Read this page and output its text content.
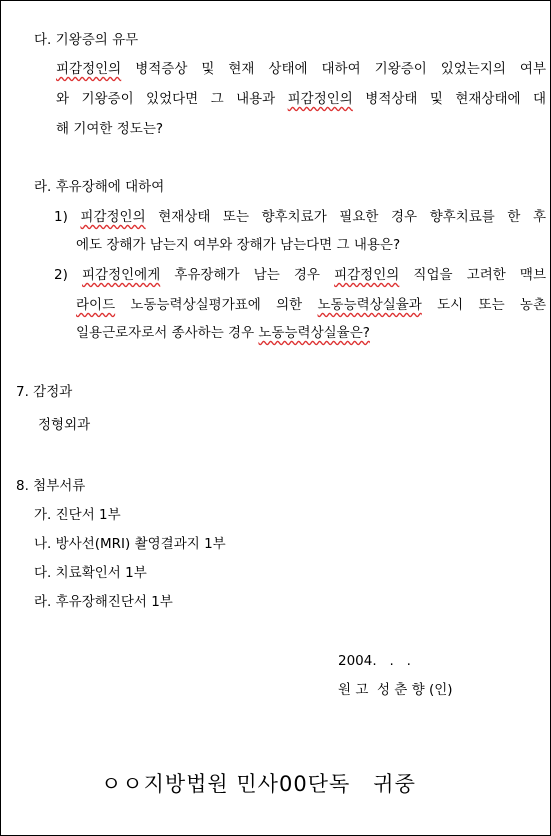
다. 기왕증의 유무
피감정인의 병적증상 및 현재 상태에 대하여 기왕증이 있었는지의 여부
와 기왕증이 있었다면 그 내용과 피감정인의 병적상태 및 현재상태에 대
해 기여한 정도는?
라. 후유장해에 대하여
1) 피감정인의 현재상태 또는 향후치료가 필요한 경우 향후치료를 한 후
에도 장해가 남는지 여부와 장해가 남는다면 그 내용은?
2) 피감정인에게 후유장해가 남는 경우 피감정인의 직업을 고려한 맥브
라이드 노동능력상실평가표에 의한 노동능력상실율과 도시 또는 농촌
일용근로자로서 종사하는 경우 노동능력상실율은?
7. 감정과
정형외과
8. 첨부서류
가. 진단서 1부
나. 방사선(MRI) 촬영결과지 1부
다. 치료확인서 1부
라. 후유장해진단서 1부
2004.   .   .
원 고  성 춘 향 (인)
ㅇㅇ지방법원 민사00단독   귀중
